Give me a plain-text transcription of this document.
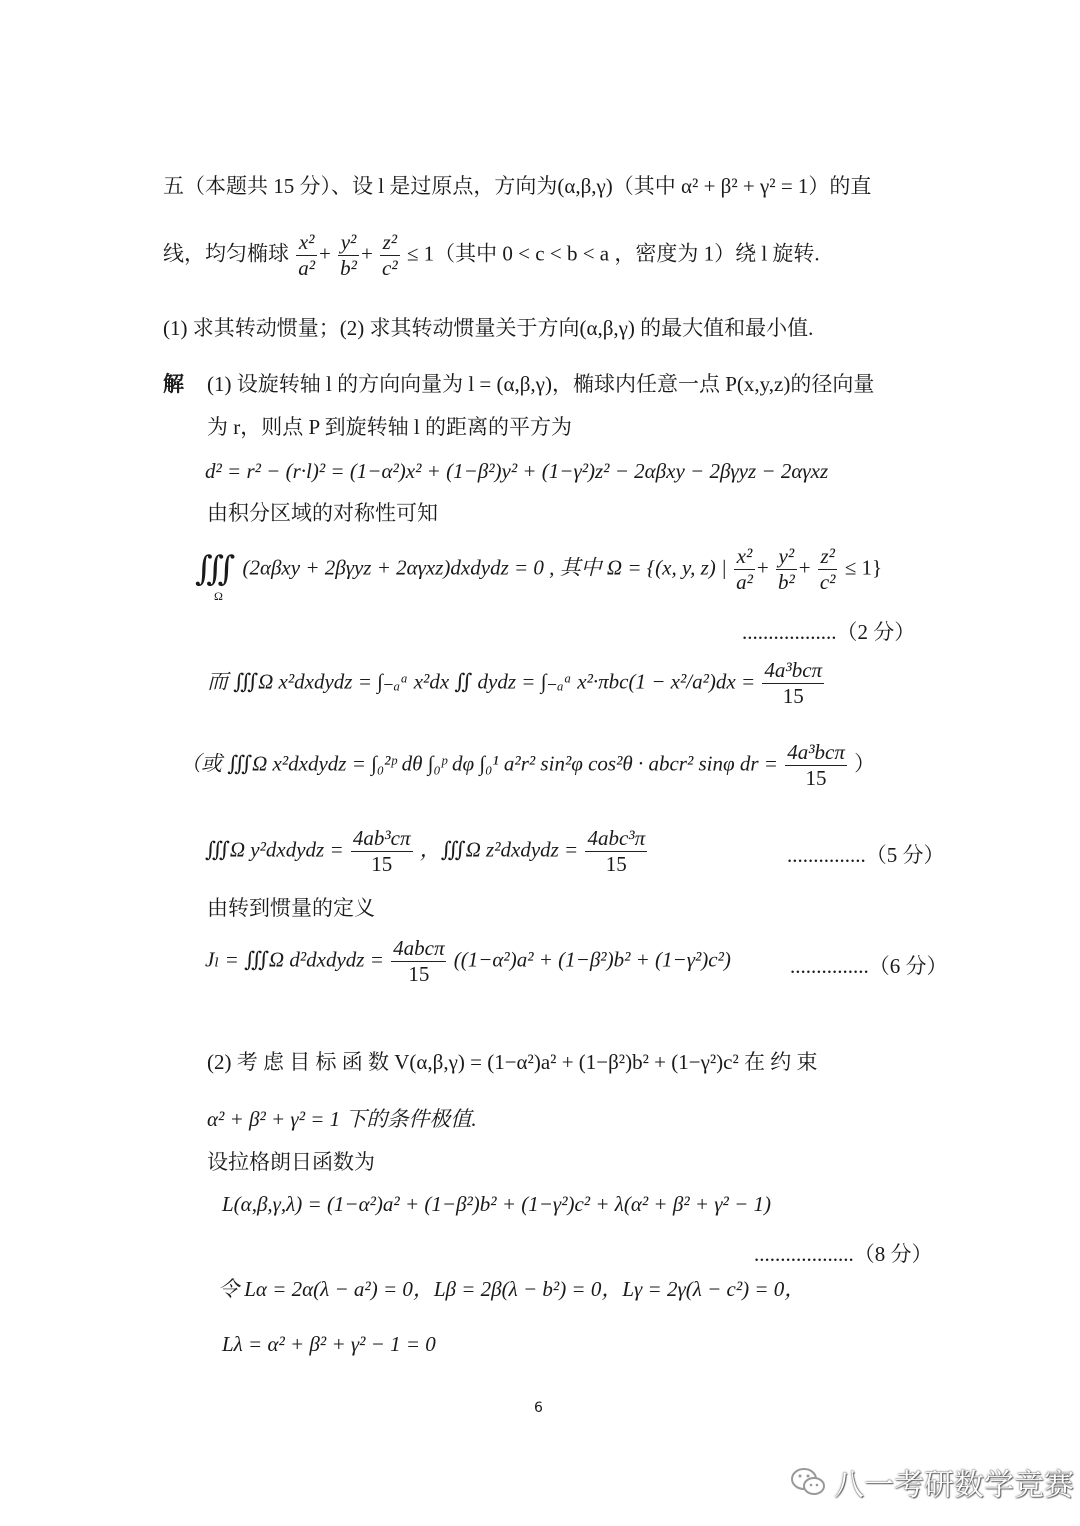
五（本题共 15 分）、设 l 是过原点，方向为(α,β,γ)（其中 α² + β² + γ² = 1）的直
线，均匀椭球 $\frac{\text{x²}}{\text{a²}} + \frac{\text{y²}}{\text{b²}} + \frac{\text{z²}}{\text{c²}} \le 1$（其中 0 < c < b < a ，密度为 1）绕 l 旋转.
(1) 求其转动惯量；(2) 求其转动惯量关于方向(α,β,γ) 的最大值和最小值.
解 (1) 设旋转轴 l 的方向向量为 l = (α,β,γ)，椭球内任意一点 P(x,y,z)的径向量
为 r，则点 P 到旋转轴 l 的距离的平方为
d² = r² − (r·l)² = (1−α²)x² + (1−β²)y² + (1−γ²)z² − 2αβxy − 2βγyz − 2αγxz
由积分区域的对称性可知
∭ (2αβxy + 2βγyz + 2αγxz)dxdydz = 0 , 其中 Ω = {(x, y, z) | $\frac{\text{x²}}{\text{a²}} + \frac{\text{y²}}{\text{b²}} + \frac{\text{z²}}{\text{c²}} \le 1$}
Ω
..................（2 分）
而 ∭Ω x²dxdydz = ∫₋ₐᵃ x²dx ∬ dydz = ∫₋ₐᵃ $x^2\cdot\pi bc(1 - x^2/a^2)dx = \frac{\text{4a³bcπ}}{15}$
（或 ∭Ω x²dxdydz = ∫₀²ᵖ dθ ∫₀ᵖ dφ ∫₀¹ a²r² sin²φ cos²θ · abcr² sinφ dr = $\frac{\text{4a³bcπ}}{15}$ ）
∭Ω y²dxdydz = $\frac{\text{4ab³cπ}}{15}$ ，∭Ω z²dxdydz = $\frac{\text{4abc³π}}{15}$	...............（5 分）
由转到惯量的定义
Jₗ = ∭Ω d²dxdydz = $\frac{\text{4abcπ}}{15} ((1-\alpha^2)a^2 + (1-\beta^2)b^2 + (1-\gamma^2)c^2)$	...............（6 分）
(2) 考 虑 目 标 函 数 V(α,β,γ) = (1−α²)a² + (1−β²)b² + (1−γ²)c² 在 约 束
α² + β² + γ² = 1 下的条件极值.
设拉格朗日函数为
L(α,β,γ,λ) = (1−α²)a² + (1−β²)b² + (1−γ²)c² + λ(α² + β² + γ² − 1)
...................（8 分）
令 Lα = 2α(λ − a²) = 0，Lβ = 2β(λ − b²) = 0，Lγ = 2γ(λ − c²) = 0，
Lλ = α² + β² + γ² − 1 = 0
6
八一考研数学竞赛
